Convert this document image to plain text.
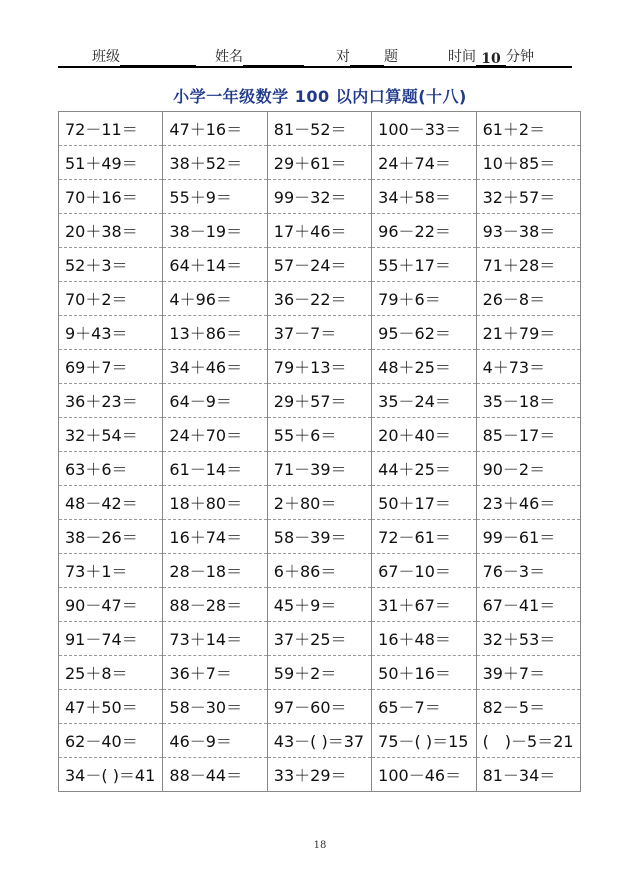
班级	姓名	对 题	时间 10 分钟
小学一年级数学 100 以内口算题(十八)
72－11＝	47＋16＝	81－52＝	100－33＝	61＋2＝
51＋49＝	38＋52＝	29＋61＝	24＋74＝	10＋85＝
70＋16＝	55＋9＝	99－32＝	34＋58＝	32＋57＝
20＋38＝	38－19＝	17＋46＝	96－22＝	93－38＝
52＋3＝	64＋14＝	57－24＝	55＋17＝	71＋28＝
70＋2＝	4＋96＝	36－22＝	79＋6＝	26－8＝
9＋43＝	13＋86＝	37－7＝	95－62＝	21＋79＝
69＋7＝	34＋46＝	79＋13＝	48＋25＝	4＋73＝
36＋23＝	64－9＝	29＋57＝	35－24＝	35－18＝
32＋54＝	24＋70＝	55＋6＝	20＋40＝	85－17＝
63＋6＝	61－14＝	71－39＝	44＋25＝	90－2＝
48－42＝	18＋80＝	2＋80＝	50＋17＝	23＋46＝
38－26＝	16＋74＝	58－39＝	72－61＝	99－61＝
73＋1＝	28－18＝	6＋86＝	67－10＝	76－3＝
90－47＝	88－28＝	45＋9＝	31＋67＝	67－41＝
91－74＝	73＋14＝	37＋25＝	16＋48＝	32＋53＝
25＋8＝	36＋7＝	59＋2＝	50＋16＝	39＋7＝
47＋50＝	58－30＝	97－60＝	65－7＝	82－5＝
62－40＝	46－9＝	43－( )＝37	75－( )＝15	(　)－5＝21
34－( )＝41	88－44＝	33＋29＝	100－46＝	81－34＝
18
